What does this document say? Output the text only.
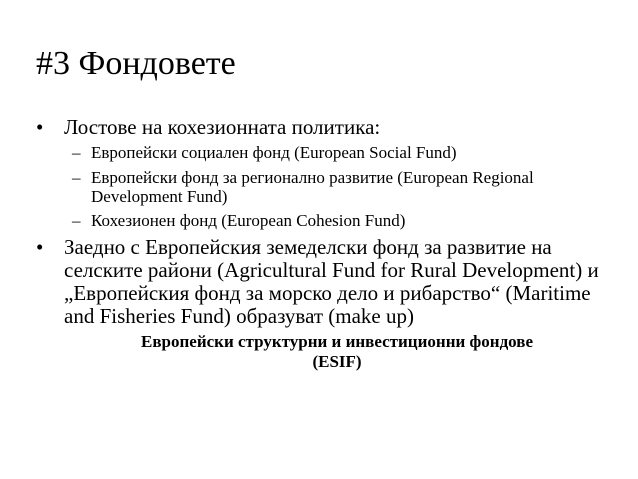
#3 Фондовете
• Лостове на кохезионната политика:
– Европейски социален фонд (European Social Fund)
– Европейски фонд за регионално развитие (European Regional Development Fund)
– Кохезионен фонд (European Cohesion Fund)
• Заедно с Европейския земеделски фонд за развитие на селските райони (Agricultural Fund for Rural Development) и „Европейския фонд за морско дело и рибарство“ (Maritime and Fisheries Fund) образуват (make up)
Европейски структурни и инвестиционни фондове
(ESIF)
